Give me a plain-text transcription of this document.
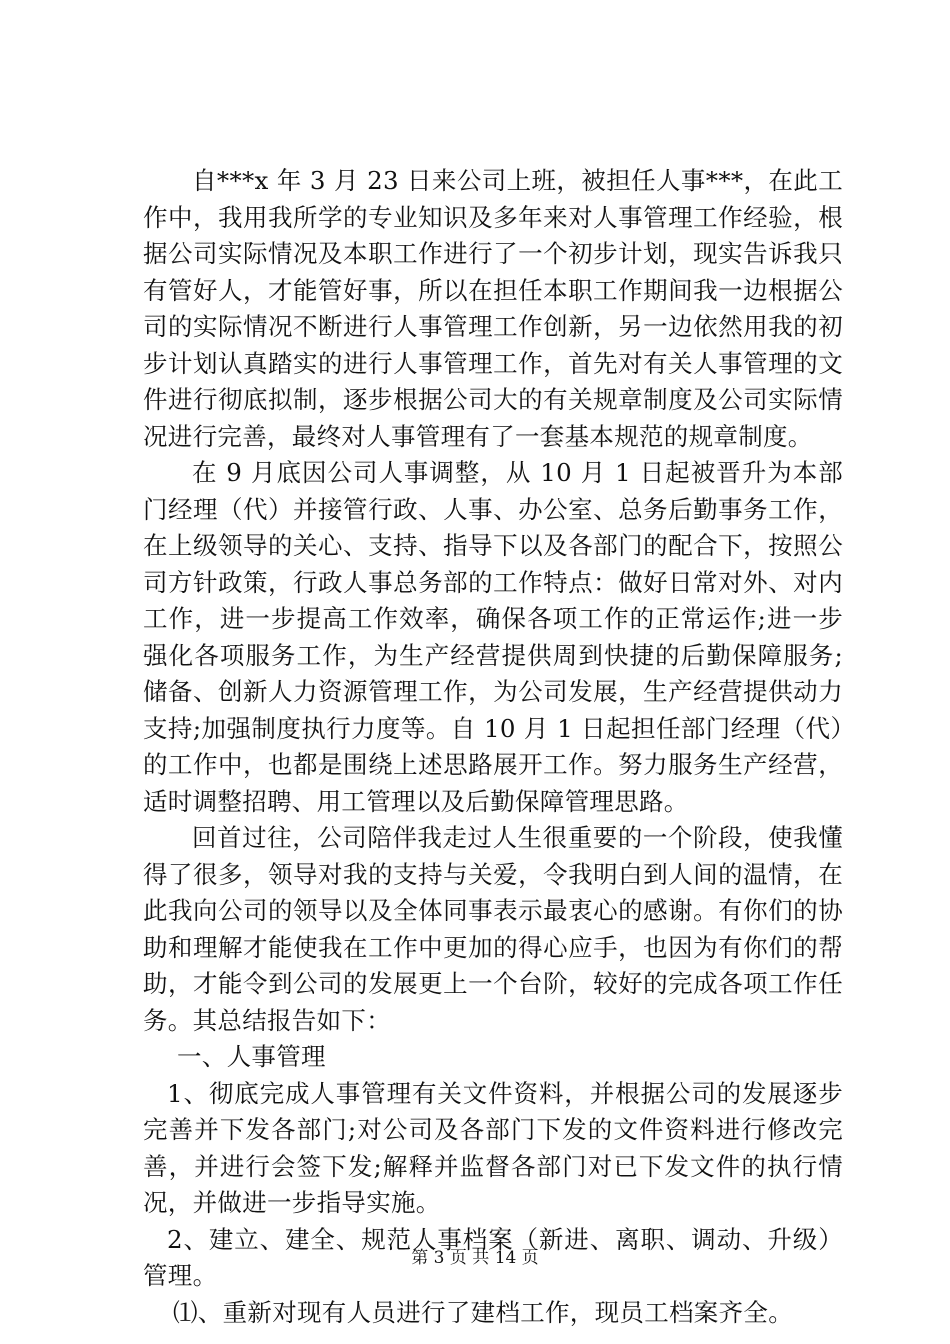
自***x 年 3 月 23 日来公司上班，被担任人事***，在此工作中，我用我所学的专业知识及多年来对人事管理工作经验，根据公司实际情况及本职工作进行了一个初步计划，现实告诉我只有管好人，才能管好事，所以在担任本职工作期间我一边根据公司的实际情况不断进行人事管理工作创新，另一边依然用我的初步计划认真踏实的进行人事管理工作，首先对有关人事管理的文件进行彻底拟制，逐步根据公司大的有关规章制度及公司实际情况进行完善，最终对人事管理有了一套基本规范的规章制度。

在 9 月底因公司人事调整，从 10 月 1 日起被晋升为本部门经理（代）并接管行政、人事、办公室、总务后勤事务工作，在上级领导的关心、支持、指导下以及各部门的配合下，按照公司方针政策，行政人事总务部的工作特点：做好日常对外、对内工作，进一步提高工作效率，确保各项工作的正常运作;进一步强化各项服务工作，为生产经营提供周到快捷的后勤保障服务;储备、创新人力资源管理工作，为公司发展，生产经营提供动力支持;加强制度执行力度等。自 10 月 1 日起担任部门经理（代）的工作中，也都是围绕上述思路展开工作。努力服务生产经营，适时调整招聘、用工管理以及后勤保障管理思路。

回首过往，公司陪伴我走过人生很重要的一个阶段，使我懂得了很多，领导对我的支持与关爱，令我明白到人间的温情，在此我向公司的领导以及全体同事表示最衷心的感谢。有你们的协助和理解才能使我在工作中更加的得心应手，也因为有你们的帮助，才能令到公司的发展更上一个台阶，较好的完成各项工作任务。其总结报告如下：

一、人事管理

1、彻底完成人事管理有关文件资料，并根据公司的发展逐步完善并下发各部门;对公司及各部门下发的文件资料进行修改完善，并进行会签下发;解释并监督各部门对已下发文件的执行情况，并做进一步指导实施。

2、建立、建全、规范人事档案（新进、离职、调动、升级）管理。

⑴、重新对现有人员进行了建档工作，现员工档案齐全。

第 3 页 共 14 页
